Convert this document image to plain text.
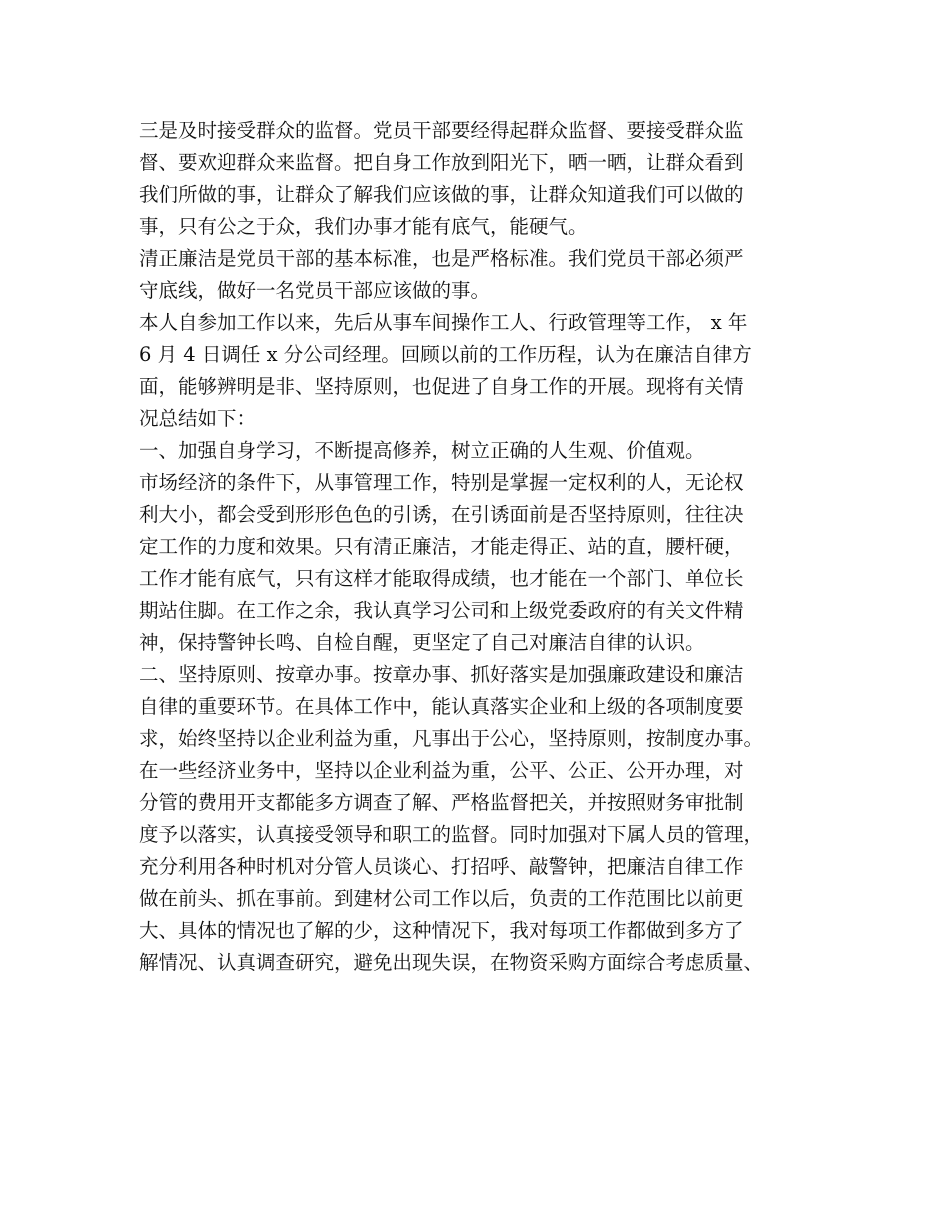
三是及时接受群众的监督。党员干部要经得起群众监督、要接受群众监
督、要欢迎群众来监督。把自身工作放到阳光下，晒一晒，让群众看到
我们所做的事，让群众了解我们应该做的事，让群众知道我们可以做的
事，只有公之于众，我们办事才能有底气，能硬气。
清正廉洁是党员干部的基本标准，也是严格标准。我们党员干部必须严
守底线，做好一名党员干部应该做的事。
本人自参加工作以来，先后从事车间操作工人、行政管理等工作， x 年
6 月 4 日调任 x 分公司经理。回顾以前的工作历程，认为在廉洁自律方
面，能够辨明是非、坚持原则，也促进了自身工作的开展。现将有关情
况总结如下：
一、加强自身学习，不断提高修养，树立正确的人生观、价值观。
市场经济的条件下，从事管理工作，特别是掌握一定权利的人，无论权
利大小，都会受到形形色色的引诱，在引诱面前是否坚持原则，往往决
定工作的力度和效果。只有清正廉洁，才能走得正、站的直，腰杆硬，
工作才能有底气，只有这样才能取得成绩，也才能在一个部门、单位长
期站住脚。在工作之余，我认真学习公司和上级党委政府的有关文件精
神，保持警钟长鸣、自检自醒，更坚定了自己对廉洁自律的认识。
二、坚持原则、按章办事。按章办事、抓好落实是加强廉政建设和廉洁
自律的重要环节。在具体工作中，能认真落实企业和上级的各项制度要
求，始终坚持以企业利益为重，凡事出于公心，坚持原则，按制度办事。
在一些经济业务中，坚持以企业利益为重，公平、公正、公开办理，对
分管的费用开支都能多方调查了解、严格监督把关，并按照财务审批制
度予以落实，认真接受领导和职工的监督。同时加强对下属人员的管理，
充分利用各种时机对分管人员谈心、打招呼、敲警钟，把廉洁自律工作
做在前头、抓在事前。到建材公司工作以后，负责的工作范围比以前更
大、具体的情况也了解的少，这种情况下，我对每项工作都做到多方了
解情况、认真调查研究，避免出现失误，在物资采购方面综合考虑质量、
